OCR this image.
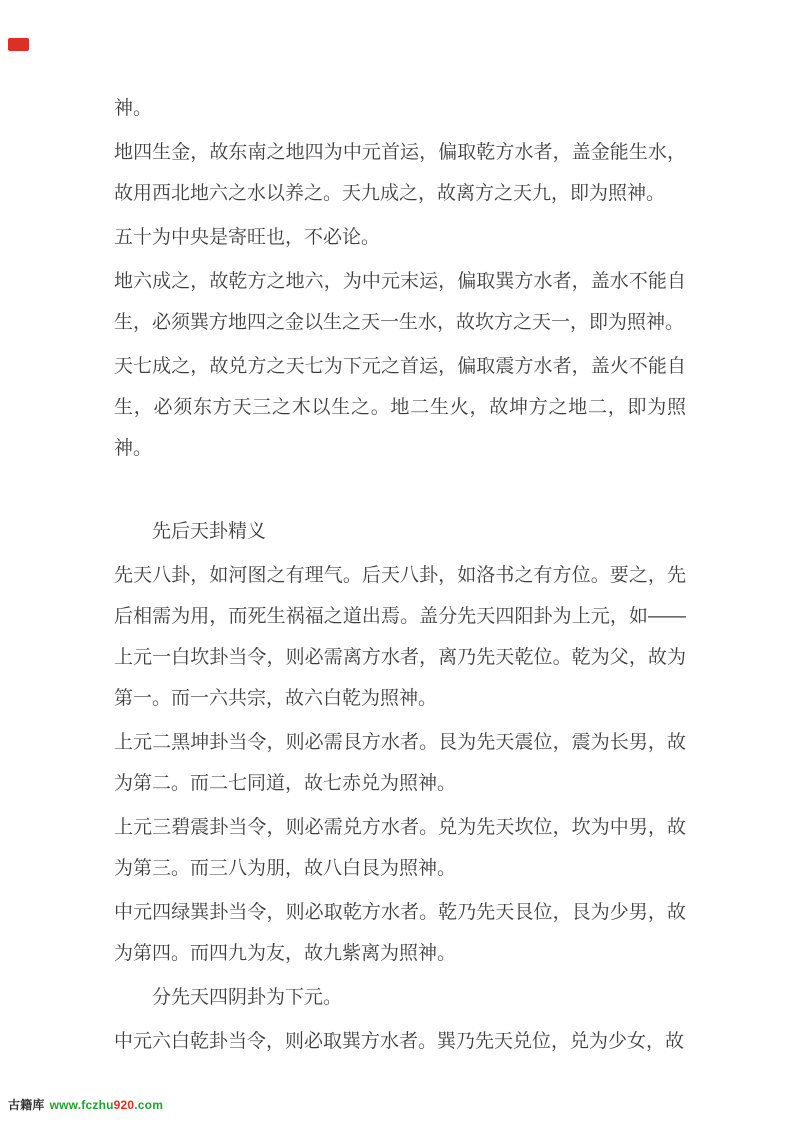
神。

地四生金，故东南之地四为中元首运，偏取乾方水者，盖金能生水，故用西北地六之水以养之。天九成之，故离方之天九，即为照神。

五十为中央是寄旺也，不必论。

地六成之，故乾方之地六，为中元末运，偏取巽方水者，盖水不能自生，必须巽方地四之金以生之天一生水，故坎方之天一，即为照神。

天七成之，故兑方之天七为下元之首运，偏取震方水者，盖火不能自生，必须东方天三之木以生之。地二生火，故坤方之地二，即为照神。

先后天卦精义

先天八卦，如河图之有理气。后天八卦，如洛书之有方位。要之，先后相需为用，而死生祸福之道出焉。盖分先天四阳卦为上元，如——上元一白坎卦当令，则必需离方水者，离乃先天乾位。乾为父，故为第一。而一六共宗，故六白乾为照神。

上元二黑坤卦当令，则必需艮方水者。艮为先天震位，震为长男，故为第二。而二七同道，故七赤兑为照神。

上元三碧震卦当令，则必需兑方水者。兑为先天坎位，坎为中男，故为第三。而三八为朋，故八白艮为照神。

中元四绿巽卦当令，则必取乾方水者。乾乃先天艮位，艮为少男，故为第四。而四九为友，故九紫离为照神。

分先天四阴卦为下元。

中元六白乾卦当令，则必取巽方水者。巽乃先天兑位，兑为少女，故

古籍库 www.fczhu920.com
